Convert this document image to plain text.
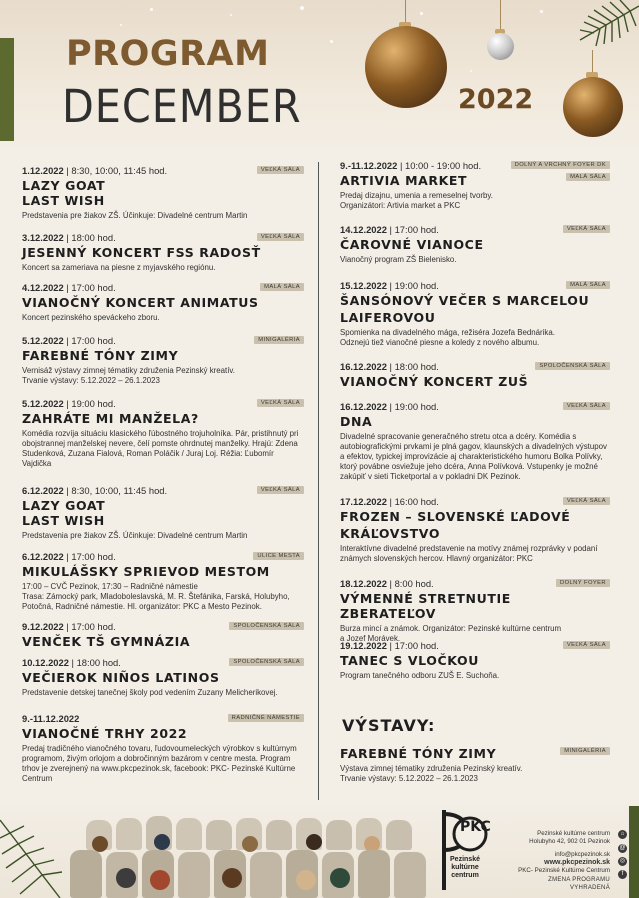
PROGRAM
DECEMBER	2022
1.12.2022 | 8:30, 10:00, 11:45 hod.	VEĽKÁ SÁLA
LAZY GOAT
LAST WISH
Predstavenia pre žiakov ZŠ. Účinkuje: Divadelné centrum Martin
3.12.2022 | 18:00 hod.	VEĽKÁ SÁLA
JESENNÝ KONCERT FSS RADOSŤ
Koncert sa zameriava na piesne z myjavského regiónu.
4.12.2022 | 17:00 hod.	MALÁ SÁLA
VIANOČNÝ KONCERT ANIMATUS
Koncert pezinského speváckeho zboru.
5.12.2022 | 17:00 hod.	MINIGALÉRIA
FAREBNÉ TÓNY ZIMY
Vernisáž výstavy zimnej tématiky združenia Pezinský kreatív.
Trvanie výstavy: 5.12.2022 – 26.1.2023
5.12.2022 | 19:00 hod.	VEĽKÁ SÁLA
ZAHRÁTE MI MANŽELA?
Komédia rozvíja situáciu klasického ľúbostného trojuholníka. Pár, pristihnutý pri obojstrannej manželskej nevere, čelí pomste ohrdnutej manželky. Hrajú: Zdena Studenková, Zuzana Fialová, Roman Poláčik / Juraj Loj. Réžia: Ľubomír Vajdička
6.12.2022 | 8:30, 10:00, 11:45 hod.	VEĽKÁ SÁLA
LAZY GOAT
LAST WISH
Predstavenia pre žiakov ZŠ. Účinkuje: Divadelné centrum Martin
6.12.2022 | 17:00 hod.	ULICE MESTA
MIKULÁŠSKY SPRIEVOD MESTOM
17:00 – CVČ Pezinok, 17:30 – Radničné námestie
Trasa: Zámocký park, Mladoboleslavská, M. R. Štefánika, Farská, Holubyho, Potočná, Radničné námestie. Hl. organizátor: PKC a Mesto Pezinok.
9.12.2022 | 17:00 hod.	SPOLOČENSKÁ SÁLA
VENČEK TŠ GYMNÁZIA
10.12.2022 | 18:00 hod.	SPOLOČENSKÁ SÁLA
VEČIEROK NIÑOS LATINOS
Predstavenie detskej tanečnej školy pod vedením Zuzany Melicherikovej.
9.-11.12.2022	RADNIČNÉ NÁMESTIE
VIANOČNÉ TRHY 2022
Predaj tradičného vianočného tovaru, ľudovoumeleckých výrobkov s kultúrnym programom, živým orlojom a dobročinným bazárom v centre mesta. Program trhov je zverejnený na www.pkcpezinok.sk, facebook: PKC- Pezinské Kultúrne Centrum
9.-11.12.2022 | 10:00 - 19:00 hod.	DOLNÝ A VRCHNÝ FOYER DK
MALÁ SÁLA
ARTIVIA MARKET
Predaj dizajnu, umenia a remeselnej tvorby.
Organizátori: Artivia market a PKC
14.12.2022 | 17:00 hod.	VEĽKÁ SÁLA
ČAROVNÉ VIANOCE
Vianočný program ZŠ Bielenisko.
15.12.2022 | 19:00 hod.	MALÁ SÁLA
ŠANSÓNOVÝ VEČER S MARCELOU
LAIFEROVOU
Spomienka na divadelného mága, režiséra Jozefa Bednárika.
Odznejú tiež vianočné piesne a koledy z nového albumu.
16.12.2022 | 18:00 hod.	SPOLOČENSKÁ SÁLA
VIANOČNÝ KONCERT ZUŠ
16.12.2022 | 19:00 hod.	VEĽKÁ SÁLA
DNA
Divadelné spracovanie generačného stretu otca a dcéry. Komédia s autobiografickými prvkami je plná gagov, klaunských a divadelných výstupov a efektov, typickej improvizácie aj charakteristického humoru Bolka Polívky, ktorý povábne osviežuje jeho dcéra, Anna Polívková. Vstupenky je možné zakúpiť v sieti Ticketportal a v pokladni DK Pezinok.
17.12.2022 | 16:00 hod.	VEĽKÁ SÁLA
FROZEN – SLOVENSKÉ ĽADOVÉ
KRÁĽOVSTVO
Interaktívne divadelné predstavenie na motívy známej rozprávky v podaní známych slovenských hercov. Hlavný organizátor: PKC
18.12.2022 | 8:00 hod.	DOLNÝ FOYER
VÝMENNÉ STRETNUTIE ZBERATEĽOV
Burza mincí a známok. Organizátor: Pezinské kultúrne centrum
a Jozef Morávek.
19.12.2022 | 17:00 hod.	VEĽKÁ SÁLA
TANEC S VLOČKOU
Program tanečného odboru ZUŠ E. Suchoňa.
VÝSTAVY:
MINIGALÉRIA
FAREBNÉ TÓNY ZIMY
Výstava zimnej tématiky združenia Pezinský kreatív.
Trvanie výstavy: 5.12.2022 – 26.1.2023
PKC
Pezinské
kultúrne
centrum
Pezinské kultúrne centrum
Holubyho 42, 902 01 Pezinok
info@pkcpezinok.sk
www.pkcpezinok.sk
PKC- Pezinské Kultúrne Centrum
ZMENA PROGRAMU VYHRADENÁ
⌂
@
◎
f
